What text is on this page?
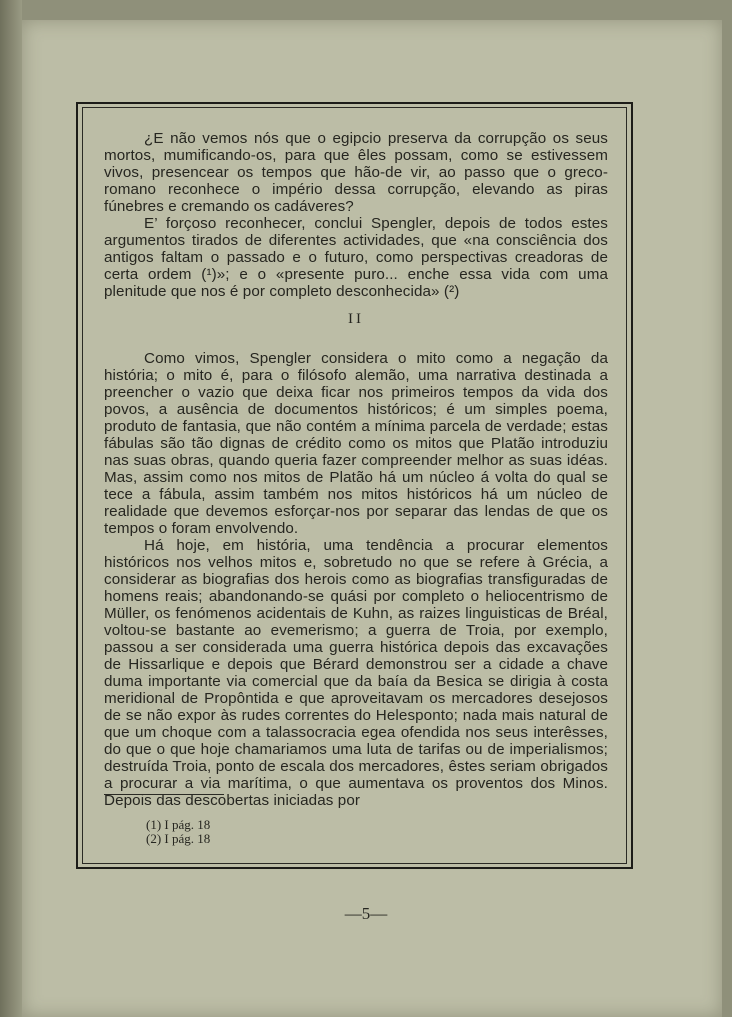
¿E não vemos nós que o egipcio preserva da corrupção os seus mortos, mumificando-os, para que êles possam, como se estivessem vivos, presencear os tempos que hão-de vir, ao passo que o greco-romano reconhece o império dessa corrupção, elevando as piras fúnebres e cremando os cadáveres?

E’ forçoso reconhecer, conclui Spengler, depois de todos estes argumentos tirados de diferentes actividades, que «na consciência dos antigos faltam o passado e o futuro, como perspectivas creadoras de certa ordem (¹)»; e o «presente puro... enche essa vida com uma plenitude que nos é por completo desconhecida» (²)

II

Como vimos, Spengler considera o mito como a negação da história; o mito é, para o filósofo alemão, uma narrativa destinada a preencher o vazio que deixa ficar nos primeiros tempos da vida dos povos, a ausência de documentos históricos; é um simples poema, produto de fantasia, que não contém a mínima parcela de verdade; estas fábulas são tão dignas de crédito como os mitos que Platão introduziu nas suas obras, quando queria fazer compreender melhor as suas idéas. Mas, assim como nos mitos de Platão há um núcleo á volta do qual se tece a fábula, assim também nos mitos históricos há um núcleo de realidade que devemos esforçar-nos por separar das lendas de que os tempos o foram envolvendo.

Há hoje, em história, uma tendência a procurar elementos históricos nos velhos mitos e, sobretudo no que se refere à Grécia, a considerar as biografias dos herois como as biografias transfiguradas de homens reais; abandonando-se quási por completo o heliocentrismo de Müller, os fenómenos acidentais de Kuhn, as raizes linguisticas de Bréal, voltou-se bastante ao evemerismo; a guerra de Troia, por exemplo, passou a ser considerada uma guerra histórica depois das excavações de Hissarlique e depois que Bérard demonstrou ser a cidade a chave duma importante via comercial que da baía da Besica se dirigia à costa meridional de Propôntida e que aproveitavam os mercadores desejosos de se não expor às rudes correntes do Helesponto; nada mais natural de que um choque com a talassocracia egea ofendida nos seus interêsses, do que o que hoje chamariamos uma luta de tarifas ou de imperialismos; destruída Troia, ponto de escala dos mercadores, êstes seriam obrigados a procurar a via marítima, o que aumentava os proventos dos Minos. Depois das descobertas iniciadas por

(1) I pág. 18
(2) I pág. 18
—5—
